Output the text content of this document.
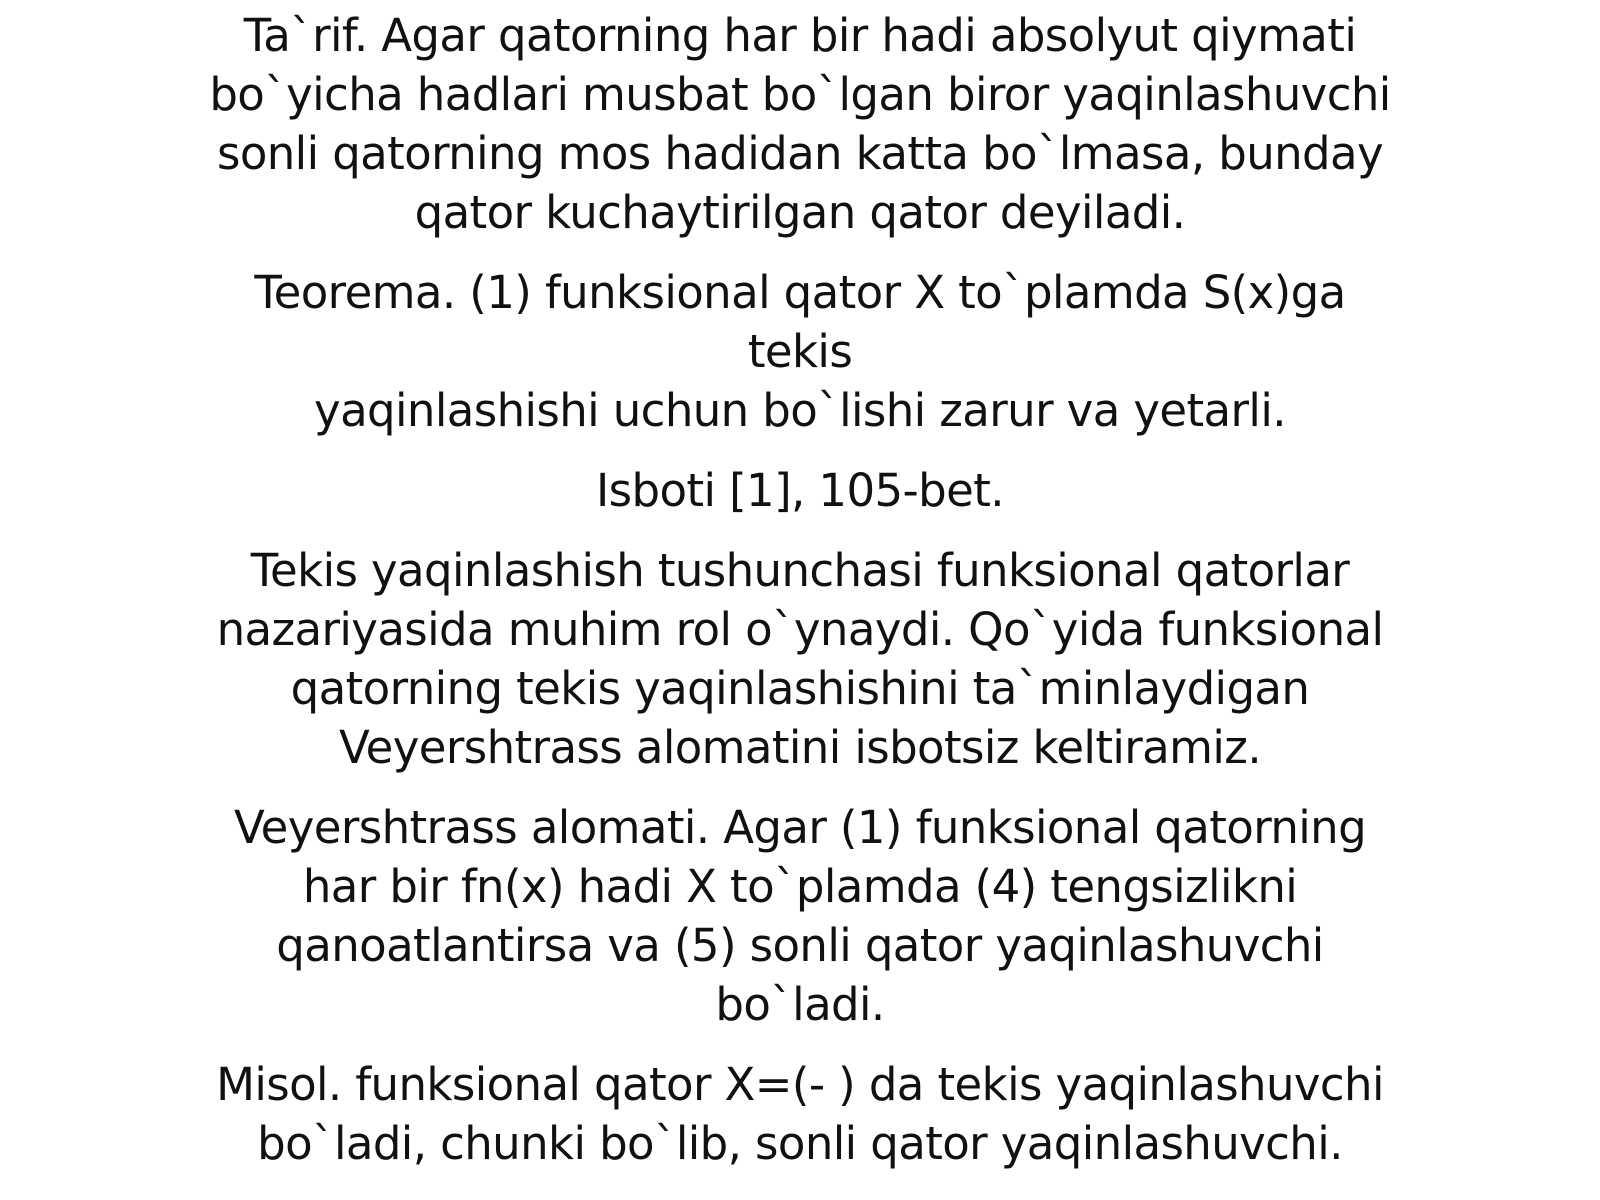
Ta`rif. Agar qatorning har bir hadi absolyut qiymati
bo`yicha hadlari musbat bo`lgan biror yaqinlashuvchi
sonli qatorning mos hadidan katta bo`lmasa, bunday
qator kuchaytirilgan qator deyiladi.

Teorema. (1) funksional qator X to`plamda S(x)ga tekis
yaqinlashishi uchun bo`lishi zarur va yetarli.

Isboti [1], 105-bet.

Tekis yaqinlashish tushunchasi funksional qatorlar
nazariyasida muhim rol o`ynaydi. Qo`yida funksional
qatorning tekis yaqinlashishini ta`minlaydigan
Veyershtrass alomatini isbotsiz keltiramiz.

Veyershtrass alomati. Agar (1) funksional qatorning
har bir fn(x) hadi X to`plamda (4) tengsizlikni
qanoatlantirsa va (5) sonli qator yaqinlashuvchi
bo`ladi.

Misol. funksional qator X=(- ) da tekis yaqinlashuvchi
bo`ladi, chunki bo`lib, sonli qator yaqinlashuvchi.
